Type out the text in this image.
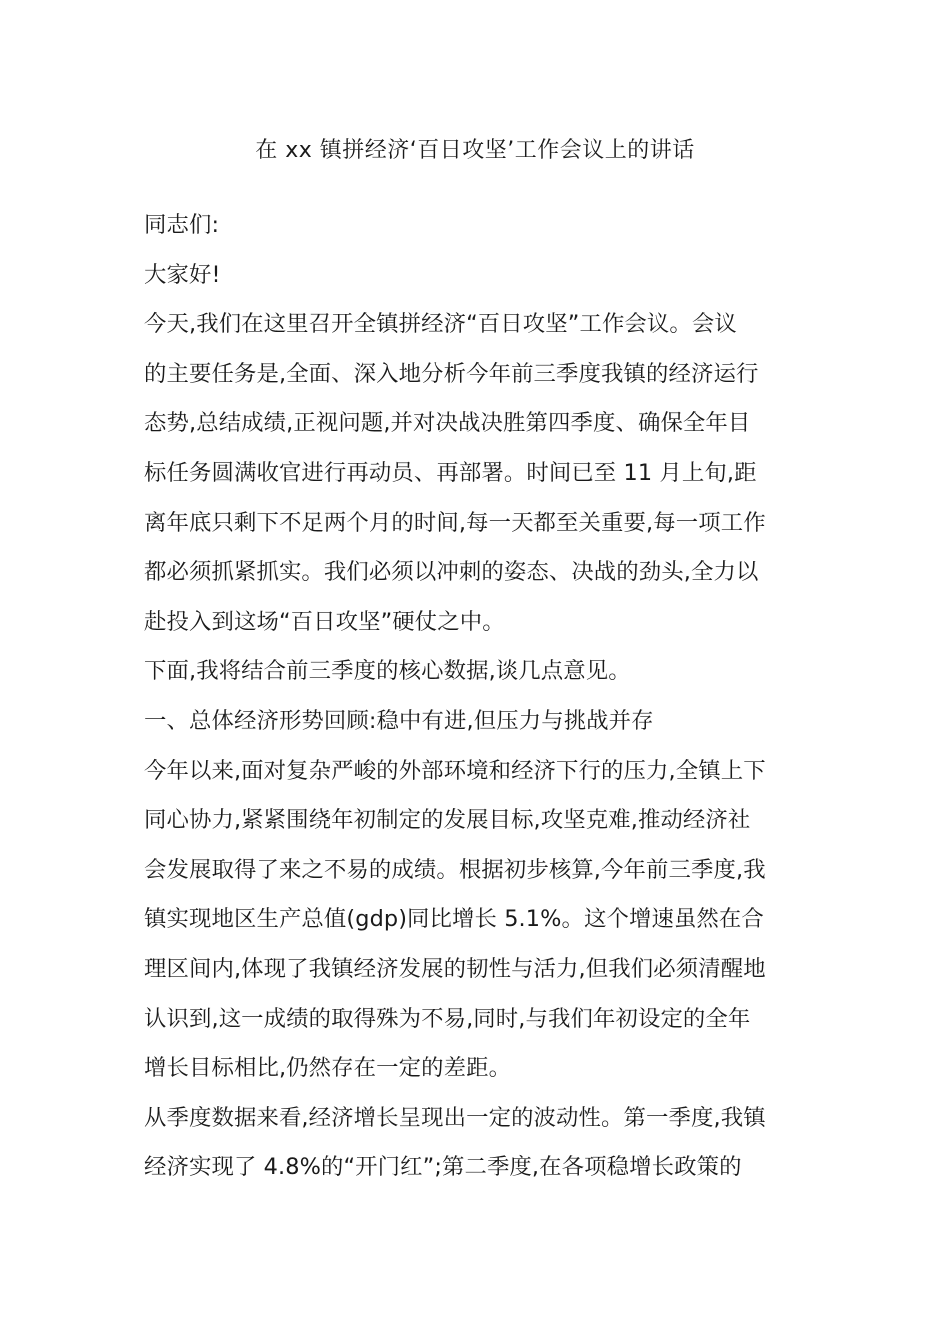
在 xx 镇拼经济‘百日攻坚’工作会议上的讲话
同志们:
大家好!
今天,我们在这里召开全镇拼经济“百日攻坚”工作会议。会议
的主要任务是,全面、深入地分析今年前三季度我镇的经济运行
态势,总结成绩,正视问题,并对决战决胜第四季度、确保全年目
标任务圆满收官进行再动员、再部署。时间已至 11 月上旬,距
离年底只剩下不足两个月的时间,每一天都至关重要,每一项工作
都必须抓紧抓实。我们必须以冲刺的姿态、决战的劲头,全力以
赴投入到这场“百日攻坚”硬仗之中。
下面,我将结合前三季度的核心数据,谈几点意见。
一、总体经济形势回顾:稳中有进,但压力与挑战并存
今年以来,面对复杂严峻的外部环境和经济下行的压力,全镇上下
同心协力,紧紧围绕年初制定的发展目标,攻坚克难,推动经济社
会发展取得了来之不易的成绩。根据初步核算,今年前三季度,我
镇实现地区生产总值(gdp)同比增长 5.1%。这个增速虽然在合
理区间内,体现了我镇经济发展的韧性与活力,但我们必须清醒地
认识到,这一成绩的取得殊为不易,同时,与我们年初设定的全年
增长目标相比,仍然存在一定的差距。
从季度数据来看,经济增长呈现出一定的波动性。第一季度,我镇
经济实现了 4.8%的“开门红”;第二季度,在各项稳增长政策的
